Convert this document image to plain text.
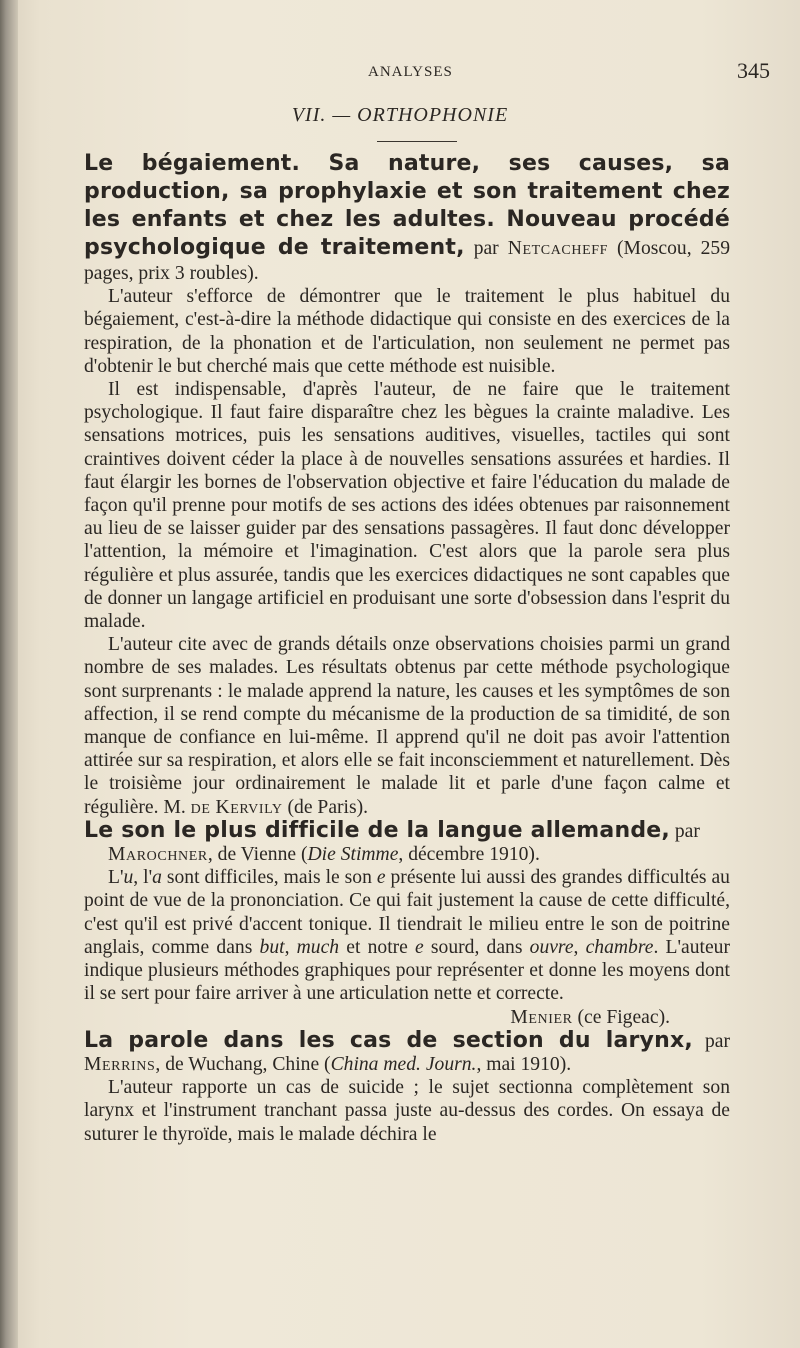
ANALYSES	345
VII. — ORTHOPHONIE

Le bégaiement. Sa nature, ses causes, sa production, sa prophylaxie et son traitement chez les enfants et chez les adultes. Nouveau procédé psychologique de traitement, par Netcacheff (Moscou, 259 pages, prix 3 roubles).

L'auteur s'efforce de démontrer que le traitement le plus habituel du bégaiement, c'est-à-dire la méthode didactique qui consiste en des exercices de la respiration, de la phonation et de l'articulation, non seulement ne permet pas d'obtenir le but cherché mais que cette méthode est nuisible.

Il est indispensable, d'après l'auteur, de ne faire que le traitement psychologique. Il faut faire disparaître chez les bègues la crainte maladive. Les sensations motrices, puis les sensations auditives, visuelles, tactiles qui sont craintives doivent céder la place à de nouvelles sensations assurées et hardies. Il faut élargir les bornes de l'observation objective et faire l'éducation du malade de façon qu'il prenne pour motifs de ses actions des idées obtenues par raisonnement au lieu de se laisser guider par des sensations passagères. Il faut donc développer l'attention, la mémoire et l'imagination. C'est alors que la parole sera plus régulière et plus assurée, tandis que les exercices didactiques ne sont capables que de donner un langage artificiel en produisant une sorte d'obsession dans l'esprit du malade.

L'auteur cite avec de grands détails onze observations choisies parmi un grand nombre de ses malades. Les résultats obtenus par cette méthode psychologique sont surprenants : le malade apprend la nature, les causes et les symptômes de son affection, il se rend compte du mécanisme de la production de sa timidité, de son manque de confiance en lui-même. Il apprend qu'il ne doit pas avoir l'attention attirée sur sa respiration, et alors elle se fait inconsciemment et naturellement. Dès le troisième jour ordinairement le malade lit et parle d'une façon calme et régulière. M. de Kervily (de Paris).

Le son le plus difficile de la langue allemande, par

Marochner, de Vienne (Die Stimme, décembre 1910).

L'u, l'a sont difficiles, mais le son e présente lui aussi des grandes difficultés au point de vue de la prononciation. Ce qui fait justement la cause de cette difficulté, c'est qu'il est privé d'accent tonique. Il tiendrait le milieu entre le son de poitrine anglais, comme dans but, much et notre e sourd, dans ouvre, chambre. L'auteur indique plusieurs méthodes graphiques pour représenter et donne les moyens dont il se sert pour faire arriver à une articulation nette et correcte.

Menier (ce Figeac).

La parole dans les cas de section du larynx, par Merrins, de Wuchang, Chine (China med. Journ., mai 1910).

L'auteur rapporte un cas de suicide ; le sujet sectionna complètement son larynx et l'instrument tranchant passa juste au-dessus des cordes. On essaya de suturer le thyroïde, mais le malade déchira le
